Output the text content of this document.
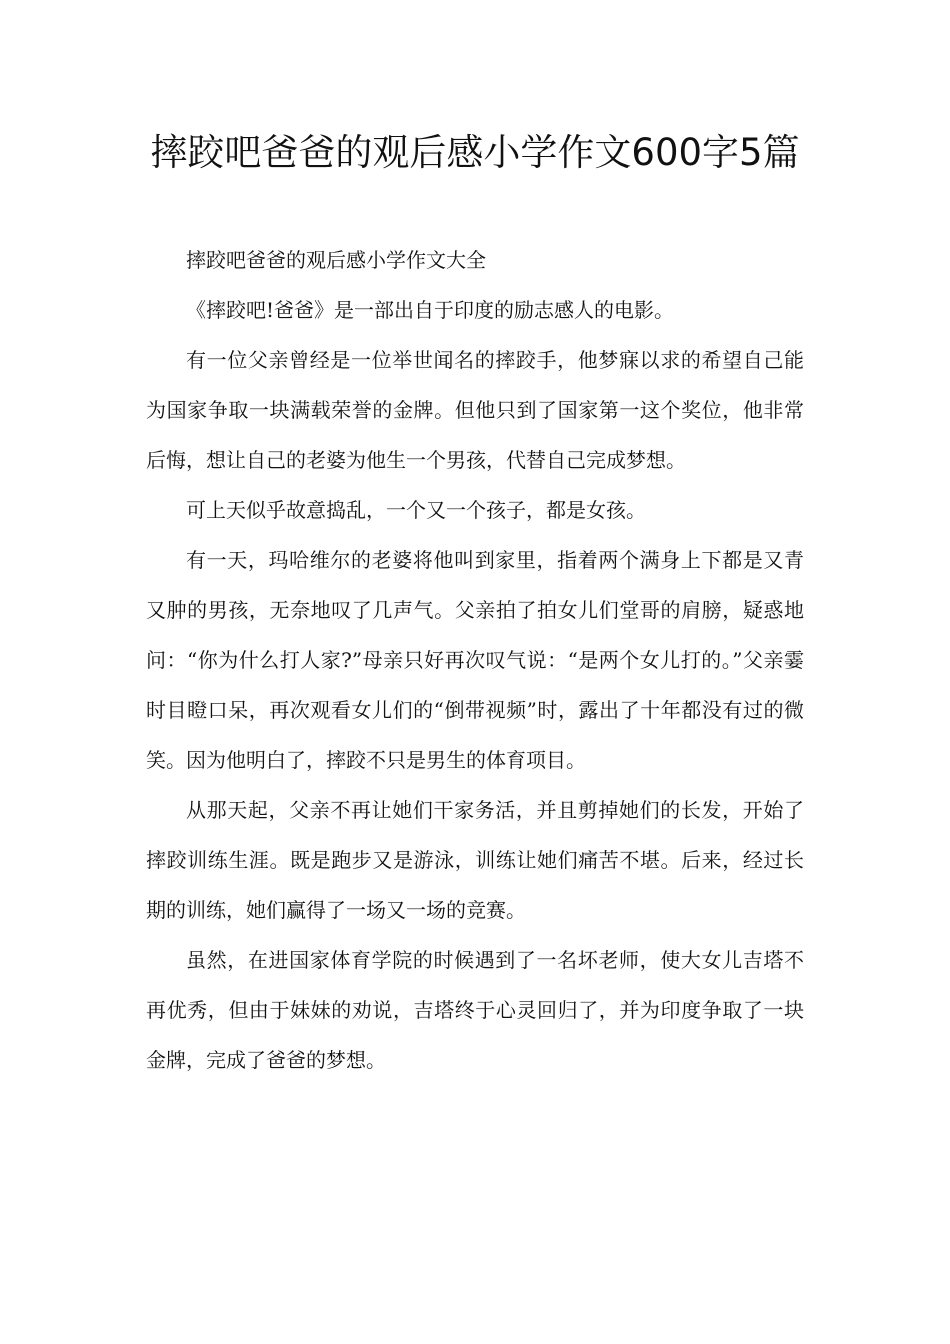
摔跤吧爸爸的观后感小学作文600字5篇

摔跤吧爸爸的观后感小学作文大全

《摔跤吧!爸爸》是一部出自于印度的励志感人的电影。

有一位父亲曾经是一位举世闻名的摔跤手，他梦寐以求的希望自己能为国家争取一块满载荣誉的金牌。但他只到了国家第一这个奖位，他非常后悔，想让自己的老婆为他生一个男孩，代替自己完成梦想。

可上天似乎故意捣乱，一个又一个孩子，都是女孩。

有一天，玛哈维尔的老婆将他叫到家里，指着两个满身上下都是又青又肿的男孩，无奈地叹了几声气。父亲拍了拍女儿们堂哥的肩膀，疑惑地问：“你为什么打人家?”母亲只好再次叹气说：“是两个女儿打的。”父亲霎时目瞪口呆，再次观看女儿们的“倒带视频”时，露出了十年都没有过的微笑。因为他明白了，摔跤不只是男生的体育项目。

从那天起，父亲不再让她们干家务活，并且剪掉她们的长发，开始了摔跤训练生涯。既是跑步又是游泳，训练让她们痛苦不堪。后来，经过长期的训练，她们赢得了一场又一场的竞赛。

虽然，在进国家体育学院的时候遇到了一名坏老师，使大女儿吉塔不再优秀，但由于妹妹的劝说，吉塔终于心灵回归了，并为印度争取了一块金牌，完成了爸爸的梦想。
